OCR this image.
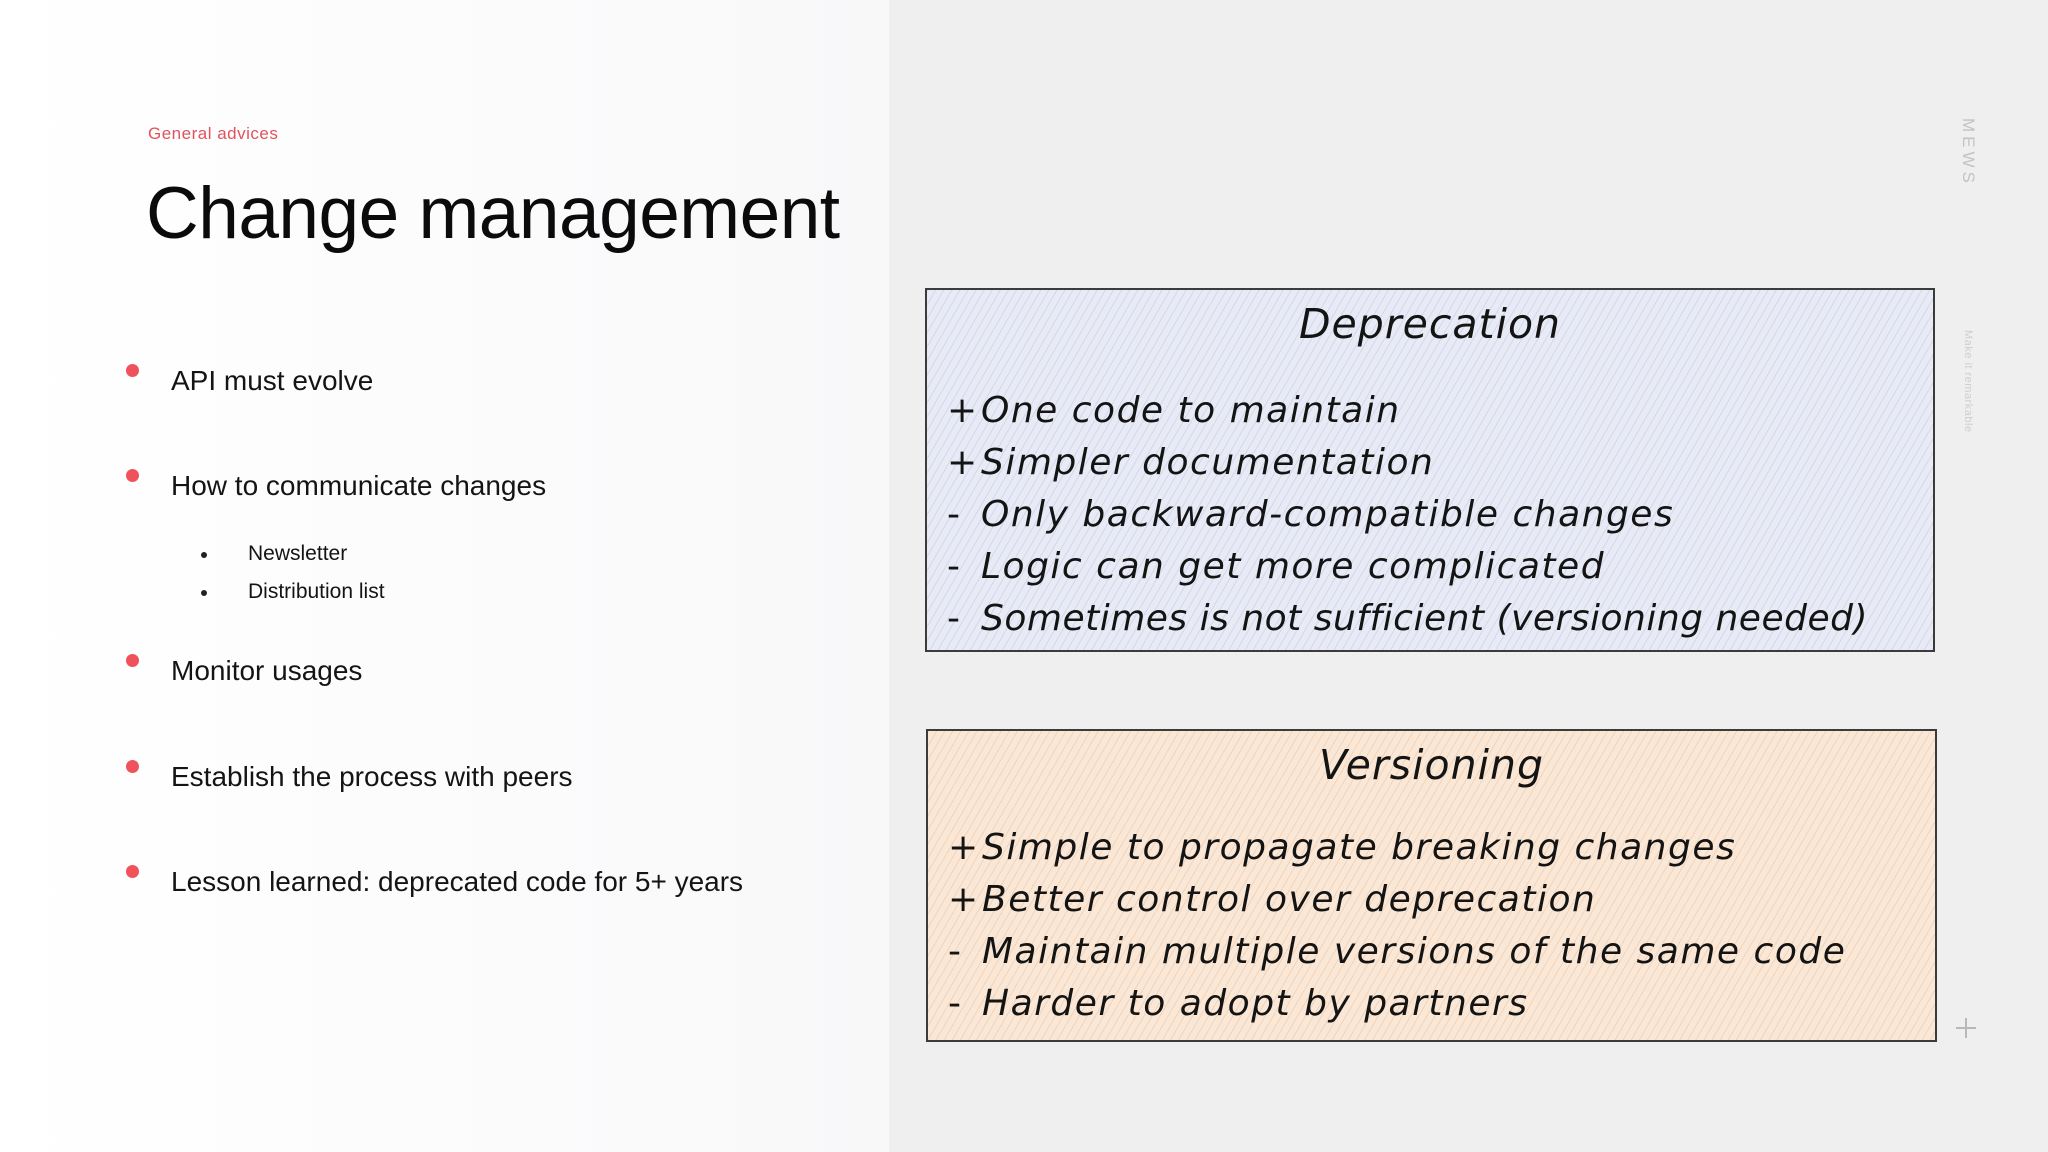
General advices
Change management
API must evolve
How to communicate changes
Newsletter
Distribution list
Monitor usages
Establish the process with peers
Lesson learned: deprecated code for 5+ years
MEWS
Make it remarkable
Deprecation
+One code to maintain
+Simpler documentation
- Only backward-compatible changes
- Logic can get more complicated
- Sometimes is not sufficient (versioning needed)
Versioning
+Simple to propagate breaking changes
+Better control over deprecation
- Maintain multiple versions of the same code
- Harder to adopt by partners
